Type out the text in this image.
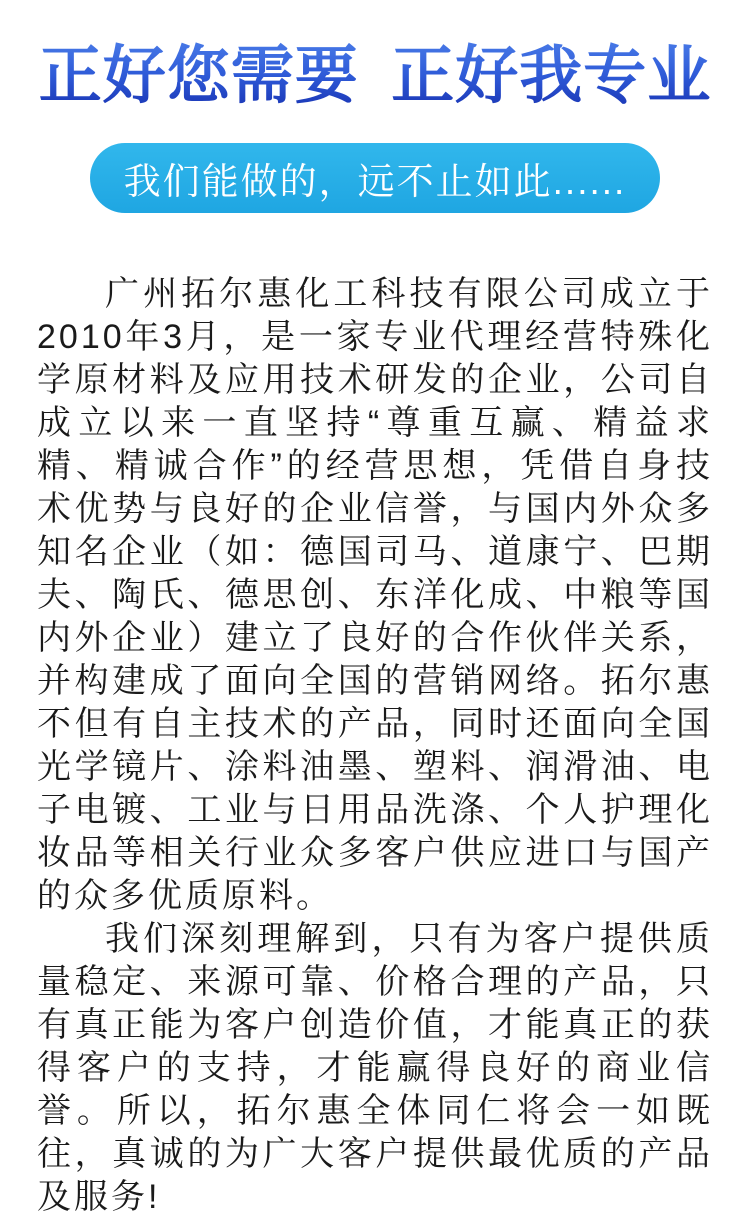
正好您需要 正好我专业
我们能做的，远不止如此......

广州拓尔惠化工科技有限公司成立于2010年3月，是一家专业代理经营特殊化学原材料及应用技术研发的企业，公司自成立以来一直坚持“尊重互赢、精益求精、精诚合作”的经营思想，凭借自身技术优势与良好的企业信誉，与国内外众多知名企业（如：德国司马、道康宁、巴期夫、陶氏、德思创、东洋化成、中粮等国内外企业）建立了良好的合作伙伴关系，并构建成了面向全国的营销网络。拓尔惠不但有自主技术的产品，同时还面向全国光学镜片、涂料油墨、塑料、润滑油、电子电镀、工业与日用品洗涤、个人护理化妆品等相关行业众多客户供应进口与国产的众多优质原料。

我们深刻理解到，只有为客户提供质量稳定、来源可靠、价格合理的产品，只有真正能为客户创造价值，才能真正的获得客户的支持，才能赢得良好的商业信誉。所以，拓尔惠全体同仁将会一如既往，真诚的为广大客户提供最优质的产品及服务!
